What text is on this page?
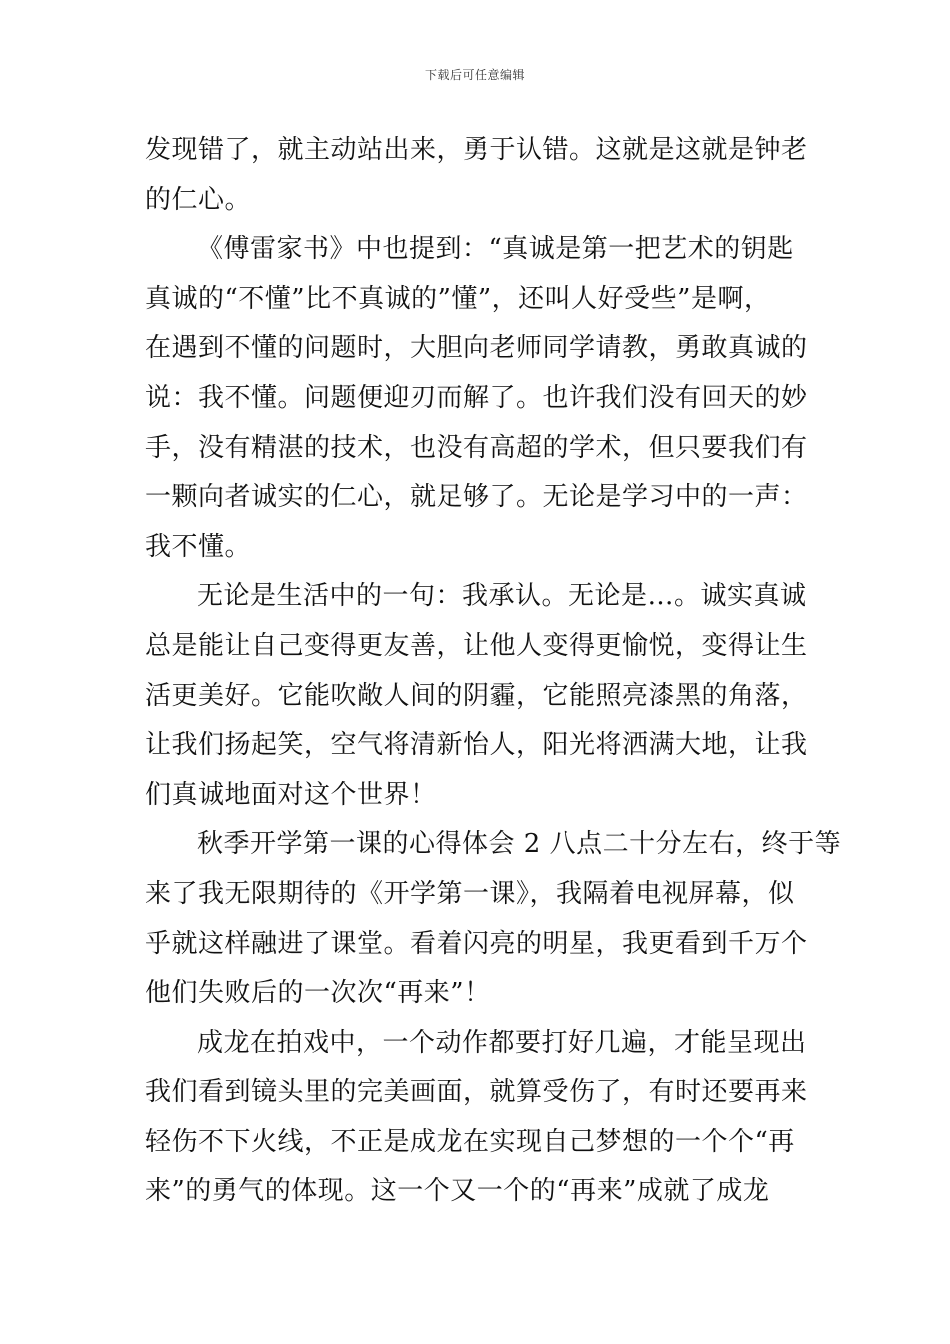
下载后可任意编辑
发现错了，就主动站出来，勇于认错。这就是这就是钟老
的仁心。
《傅雷家书》中也提到：“真诚是第一把艺术的钥匙
真诚的“不懂”比不真诚的”懂”，还叫人好受些”是啊，
在遇到不懂的问题时，大胆向老师同学请教，勇敢真诚的
说：我不懂。问题便迎刃而解了。也许我们没有回天的妙
手，没有精湛的技术，也没有高超的学术，但只要我们有
一颗向者诚实的仁心，就足够了。无论是学习中的一声：
我不懂。
无论是生活中的一句：我承认。无论是…。诚实真诚
总是能让自己变得更友善，让他人变得更愉悦，变得让生
活更美好。它能吹敞人间的阴霾，它能照亮漆黑的角落，
让我们扬起笑，空气将清新怡人，阳光将洒满大地，让我
们真诚地面对这个世界！
秋季开学第一课的心得体会 2 八点二十分左右，终于等
来了我无限期待的《开学第一课》，我隔着电视屏幕，似
乎就这样融进了课堂。看着闪亮的明星，我更看到千万个
他们失败后的一次次“再来”！
成龙在拍戏中，一个动作都要打好几遍，才能呈现出
我们看到镜头里的完美画面，就算受伤了，有时还要再来
轻伤不下火线，不正是成龙在实现自己梦想的一个个“再
来”的勇气的体现。这一个又一个的“再来”成就了成龙
